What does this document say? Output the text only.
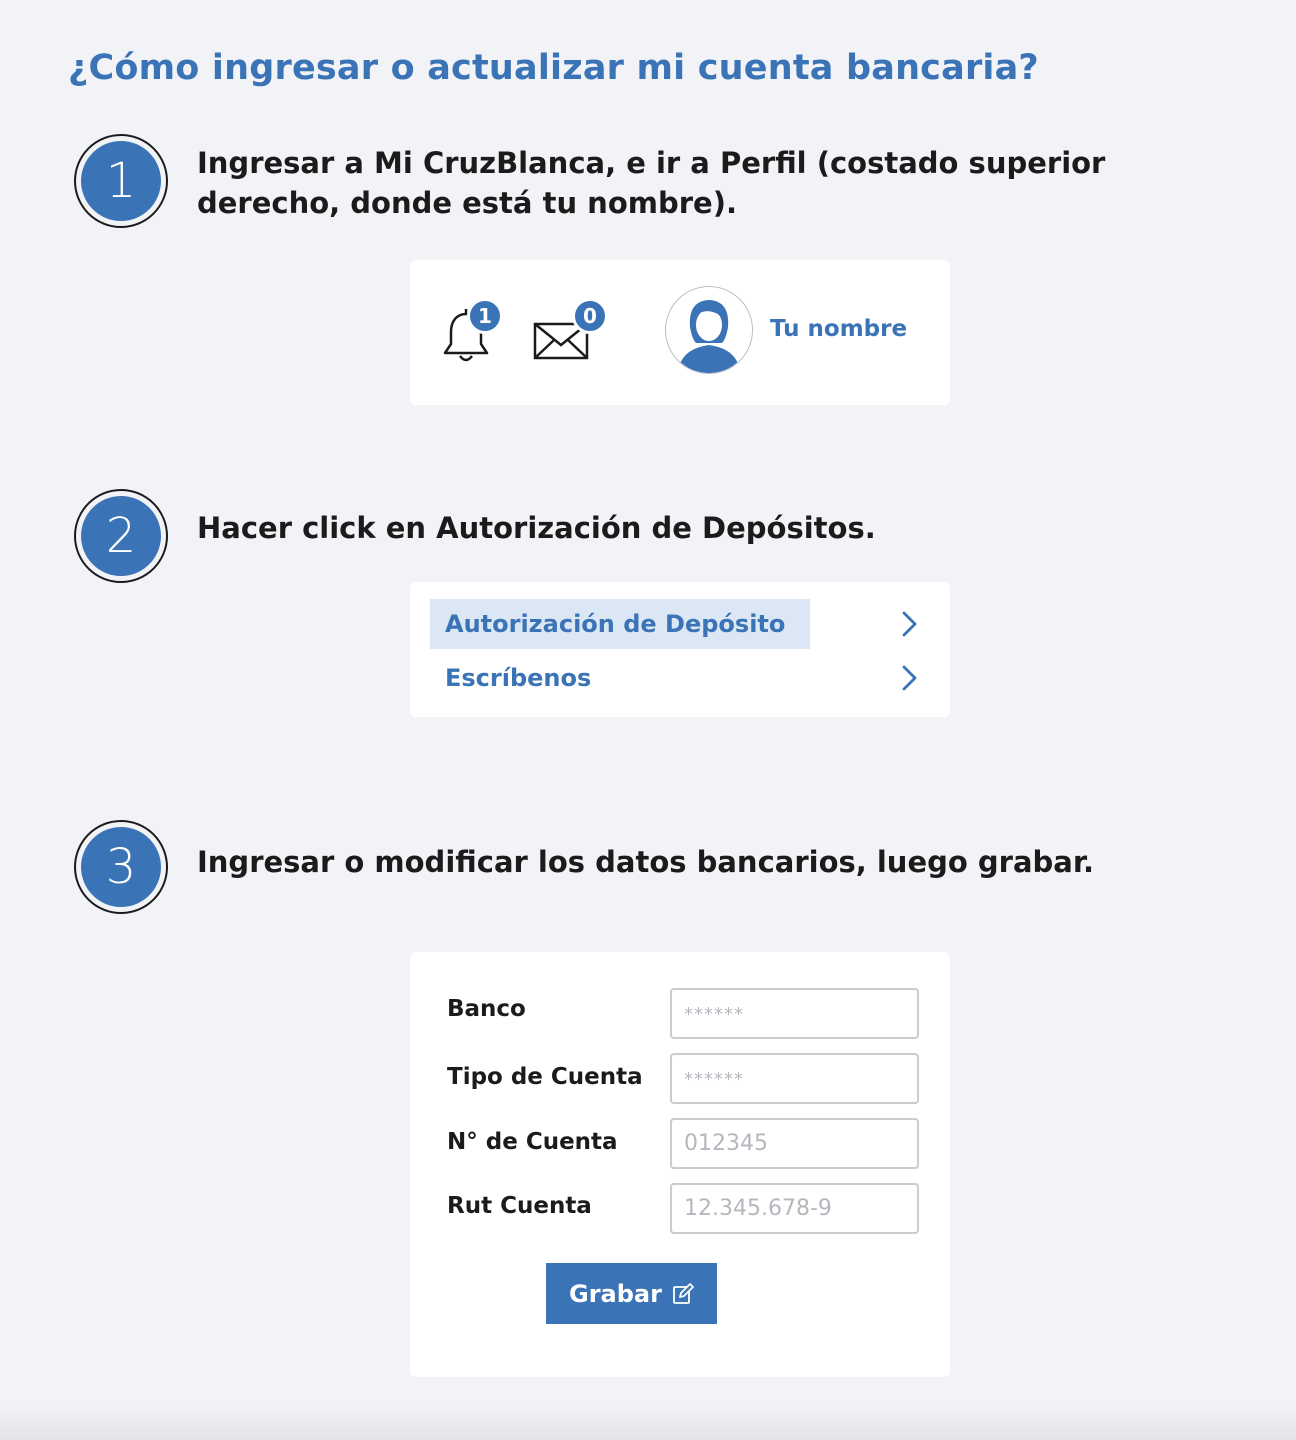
¿Cómo ingresar o actualizar mi cuenta bancaria?
1	Ingresar a Mi CruzBlanca, e ir a Perfil (costado superior
derecho, donde está tu nombre).
1	0	Tu nombre
2	Hacer click en Autorización de Depósitos.
Autorización de Depósito
Escríbenos
3	Ingresar o modificar los datos bancarios, luego grabar.
Banco
******
Tipo de Cuenta
******
N° de Cuenta
012345
Rut Cuenta
12.345.678-9
Grabar
